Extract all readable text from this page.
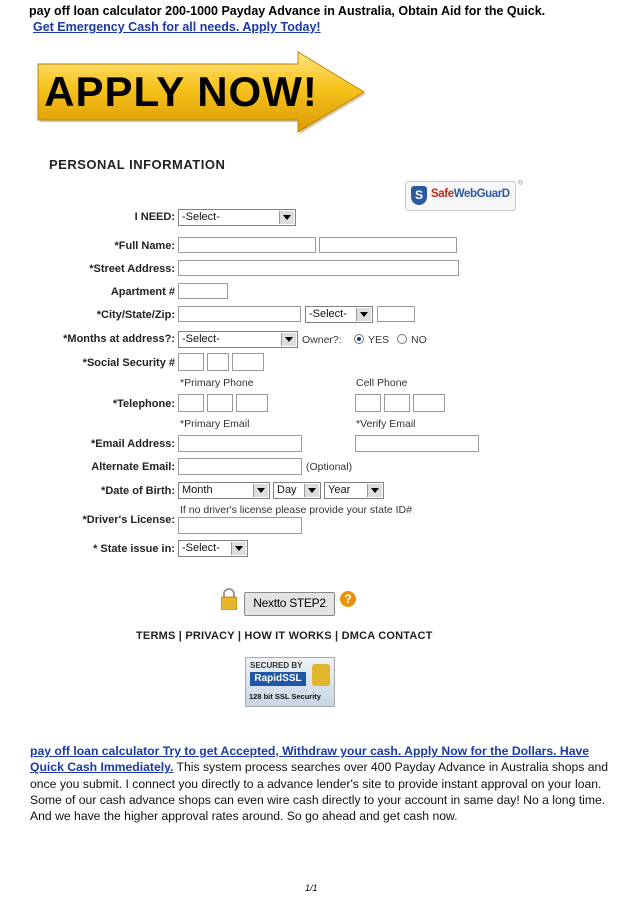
pay off loan calculator 200-1000 Payday Advance in Australia, Obtain Aid for the Quick.
Get Emergency Cash for all needs. Apply Today!
APPLY NOW!
PERSONAL INFORMATION
S SafeWebGuarD
®
I NEED: -Select-
*Full Name:
*Street Address:
Apartment #
*City/State/Zip:	-Select-
*Months at address?: -Select-	Owner?:	YES NO
*Social Security #
*Primary Phone	Cell Phone
*Telephone:
*Primary Email	*Verify Email
*Email Address:
Alternate Email:	(Optional)
*Date of Birth: Month	Day	Year
If no driver's license please provide your state ID#
*Driver's License:
* State issue in: -Select-
Nextto STEP2	?
TERMS | PRIVACY | HOW IT WORKS | DMCA CONTACT
SECURED BY
RapidSSL
128 bit SSL Security
pay off loan calculator Try to get Accepted, Withdraw your cash. Apply Now for the Dollars. Have Quick Cash Immediately. This system process searches over 400 Payday Advance in Australia shops and once you submit. I connect you directly to a advance lender's site to provide instant approval on your loan. Some of our cash advance shops can even wire cash directly to your account in same day! No a long time. And we have the higher approval rates around. So go ahead and get cash now.
1/1
